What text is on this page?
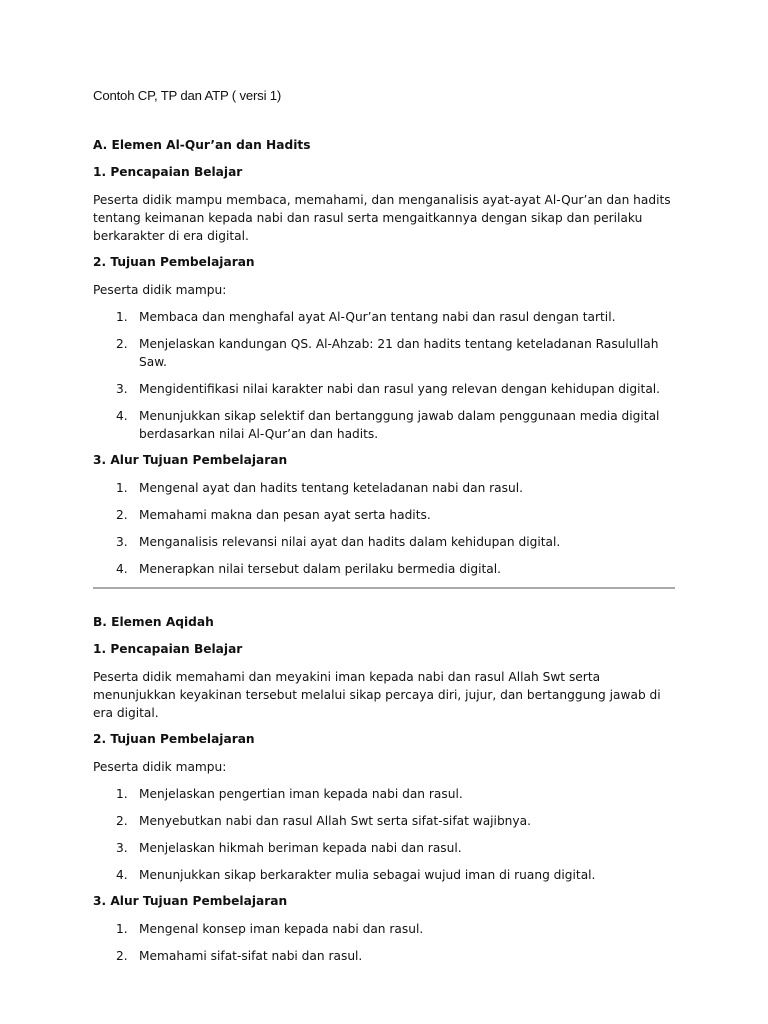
Contoh CP, TP dan ATP ( versi 1)
A. Elemen Al-Qur’an dan Hadits
1. Pencapaian Belajar

Peserta didik mampu membaca, memahami, dan menganalisis ayat-ayat Al-Qur’an dan hadits tentang keimanan kepada nabi dan rasul serta mengaitkannya dengan sikap dan perilaku berkarakter di era digital.

2. Tujuan Pembelajaran

Peserta didik mampu:

1. Membaca dan menghafal ayat Al-Qur’an tentang nabi dan rasul dengan tartil.
2. Menjelaskan kandungan QS. Al-Ahzab: 21 dan hadits tentang keteladanan Rasulullah Saw.
3. Mengidentifikasi nilai karakter nabi dan rasul yang relevan dengan kehidupan digital.
4. Menunjukkan sikap selektif dan bertanggung jawab dalam penggunaan media digital berdasarkan nilai Al-Qur’an dan hadits.
3. Alur Tujuan Pembelajaran
1. Mengenal ayat dan hadits tentang keteladanan nabi dan rasul.
2. Memahami makna dan pesan ayat serta hadits.
3. Menganalisis relevansi nilai ayat dan hadits dalam kehidupan digital.
4. Menerapkan nilai tersebut dalam perilaku bermedia digital.
B. Elemen Aqidah
1. Pencapaian Belajar

Peserta didik memahami dan meyakini iman kepada nabi dan rasul Allah Swt serta menunjukkan keyakinan tersebut melalui sikap percaya diri, jujur, dan bertanggung jawab di era digital.

2. Tujuan Pembelajaran

Peserta didik mampu:

1. Menjelaskan pengertian iman kepada nabi dan rasul.
2. Menyebutkan nabi dan rasul Allah Swt serta sifat-sifat wajibnya.
3. Menjelaskan hikmah beriman kepada nabi dan rasul.
4. Menunjukkan sikap berkarakter mulia sebagai wujud iman di ruang digital.
3. Alur Tujuan Pembelajaran
1. Mengenal konsep iman kepada nabi dan rasul.
2. Memahami sifat-sifat nabi dan rasul.
